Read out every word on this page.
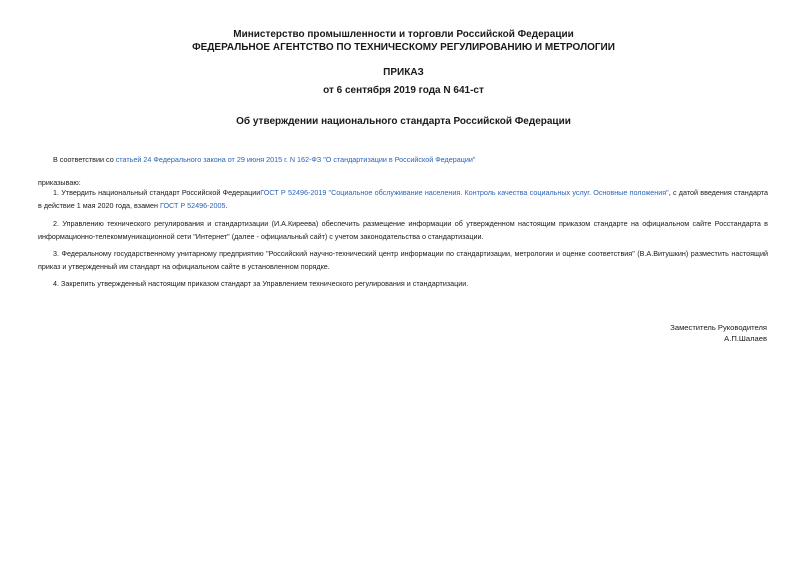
Министерство промышленности и торговли Российской Федерации
ФЕДЕРАЛЬНОЕ АГЕНТСТВО ПО ТЕХНИЧЕСКОМУ РЕГУЛИРОВАНИЮ И МЕТРОЛОГИИ
ПРИКАЗ
от 6 сентября 2019 года N 641-ст
Об утверждении национального стандарта Российской Федерации
В соответствии со статьей 24 Федерального закона от 29 июня 2015 г. N 162-ФЗ "О стандартизации в Российской Федерации"
приказываю:
1. Утвердить национальный стандарт Российской ФедерацииГОСТ Р 52496-2019 "Социальное обслуживание населения. Контроль качества социальных услуг. Основные положения", с датой введения стандарта в действие 1 мая 2020 года, взамен ГОСТ Р 52496-2005.
2. Управлению технического регулирования и стандартизации (И.А.Киреева) обеспечить размещение информации об утвержденном настоящим приказом стандарте на официальном сайте Росстандарта в информационно-телекоммуникационной сети "Интернет" (далее - официальный сайт) с учетом законодательства о стандартизации.
3. Федеральному государственному унитарному предприятию "Российский научно-технический центр информации по стандартизации, метрологии и оценке соответствия" (В.А.Витушкин) разместить настоящий приказ и утвержденный им стандарт на официальном сайте в установленном порядке.
4. Закрепить утвержденный настоящим приказом стандарт за Управлением технического регулирования и стандартизации.
Заместитель Руководителя
А.П.Шалаев
